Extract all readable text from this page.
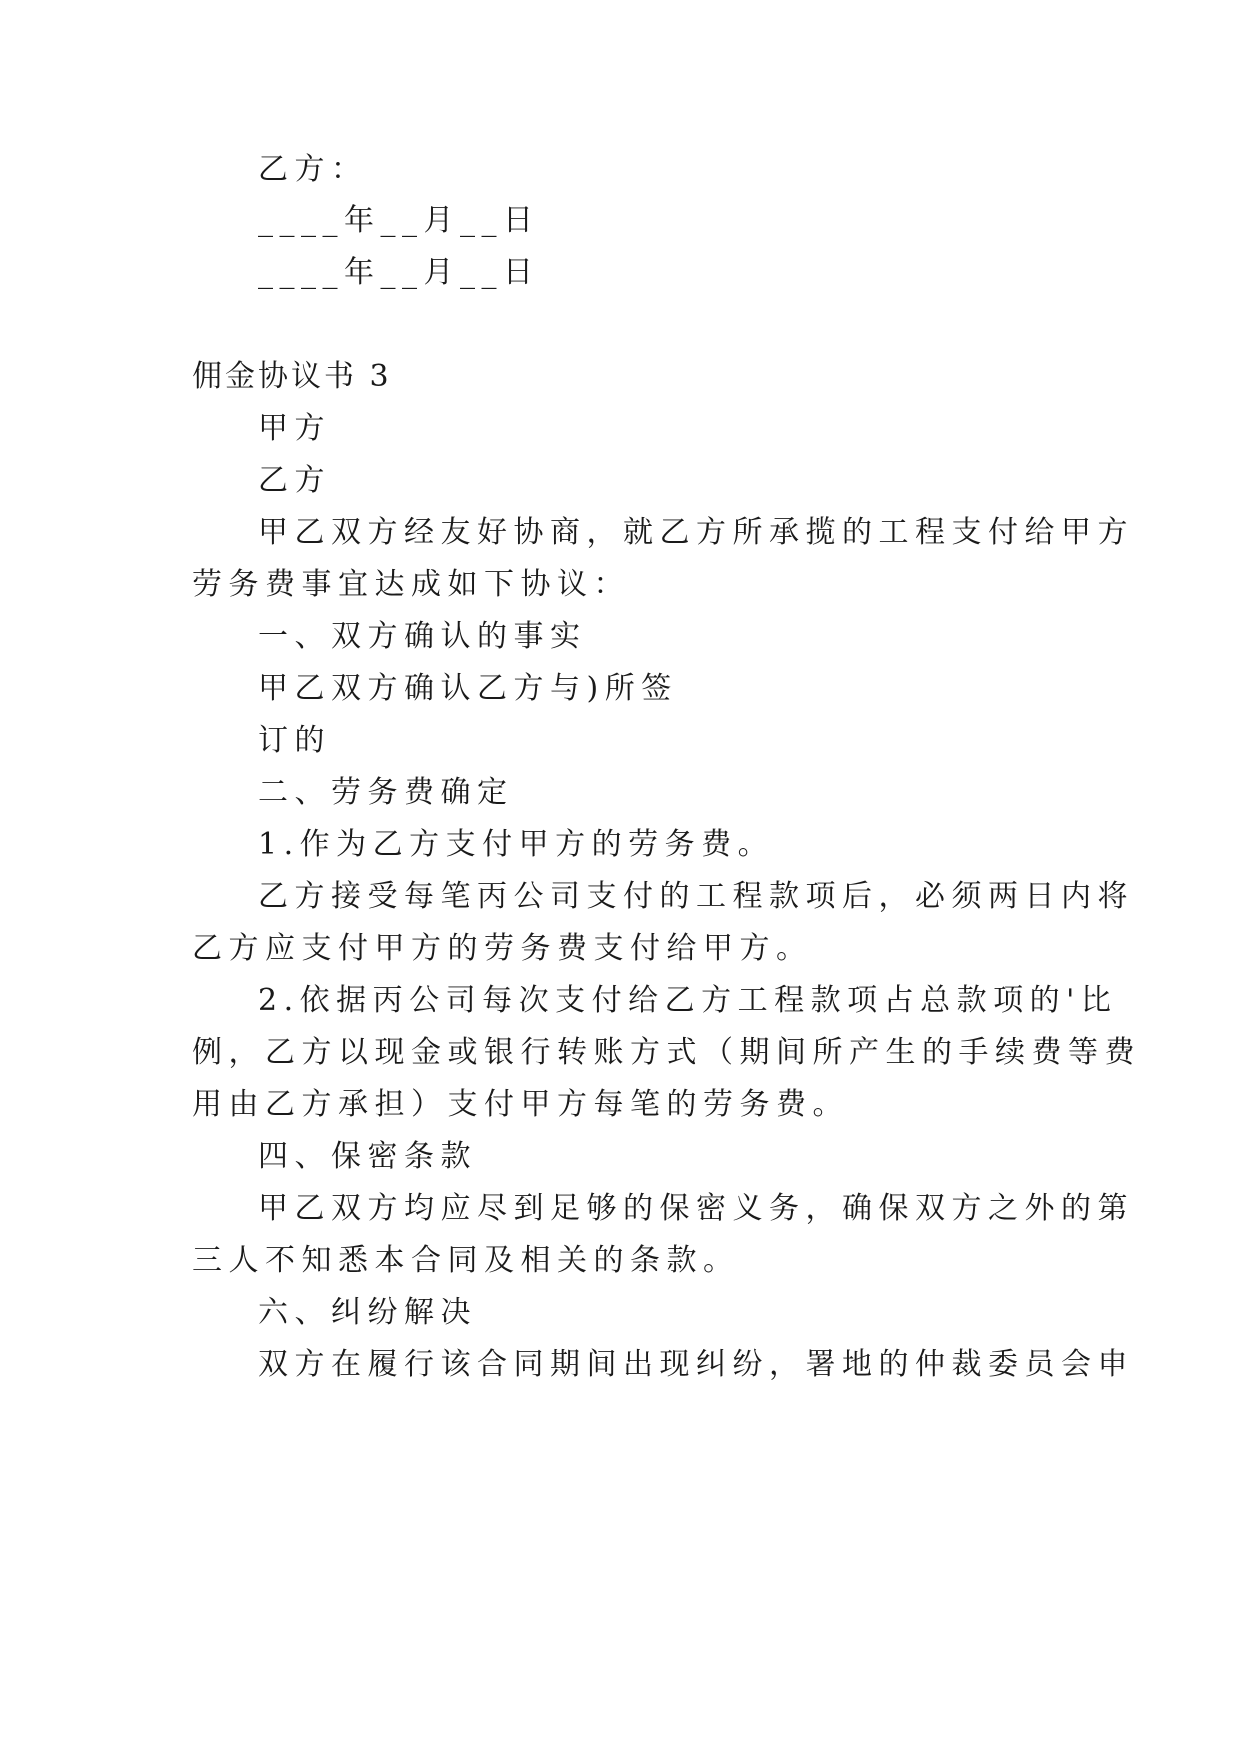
乙方：
____年__月__日
____年__月__日
佣金协议书 3
甲方
乙方
甲乙双方经友好协商，就乙方所承揽的工程支付给甲方
劳务费事宜达成如下协议：
一、双方确认的事实
甲乙双方确认乙方与)所签
订的
二、劳务费确定
1.作为乙方支付甲方的劳务费。
乙方接受每笔丙公司支付的工程款项后，必须两日内将
乙方应支付甲方的劳务费支付给甲方。
2.依据丙公司每次支付给乙方工程款项占总款项的'比
例，乙方以现金或银行转账方式（期间所产生的手续费等费
用由乙方承担）支付甲方每笔的劳务费。
四、保密条款
甲乙双方均应尽到足够的保密义务，确保双方之外的第
三人不知悉本合同及相关的条款。
六、纠纷解决
双方在履行该合同期间出现纠纷，署地的仲裁委员会申
